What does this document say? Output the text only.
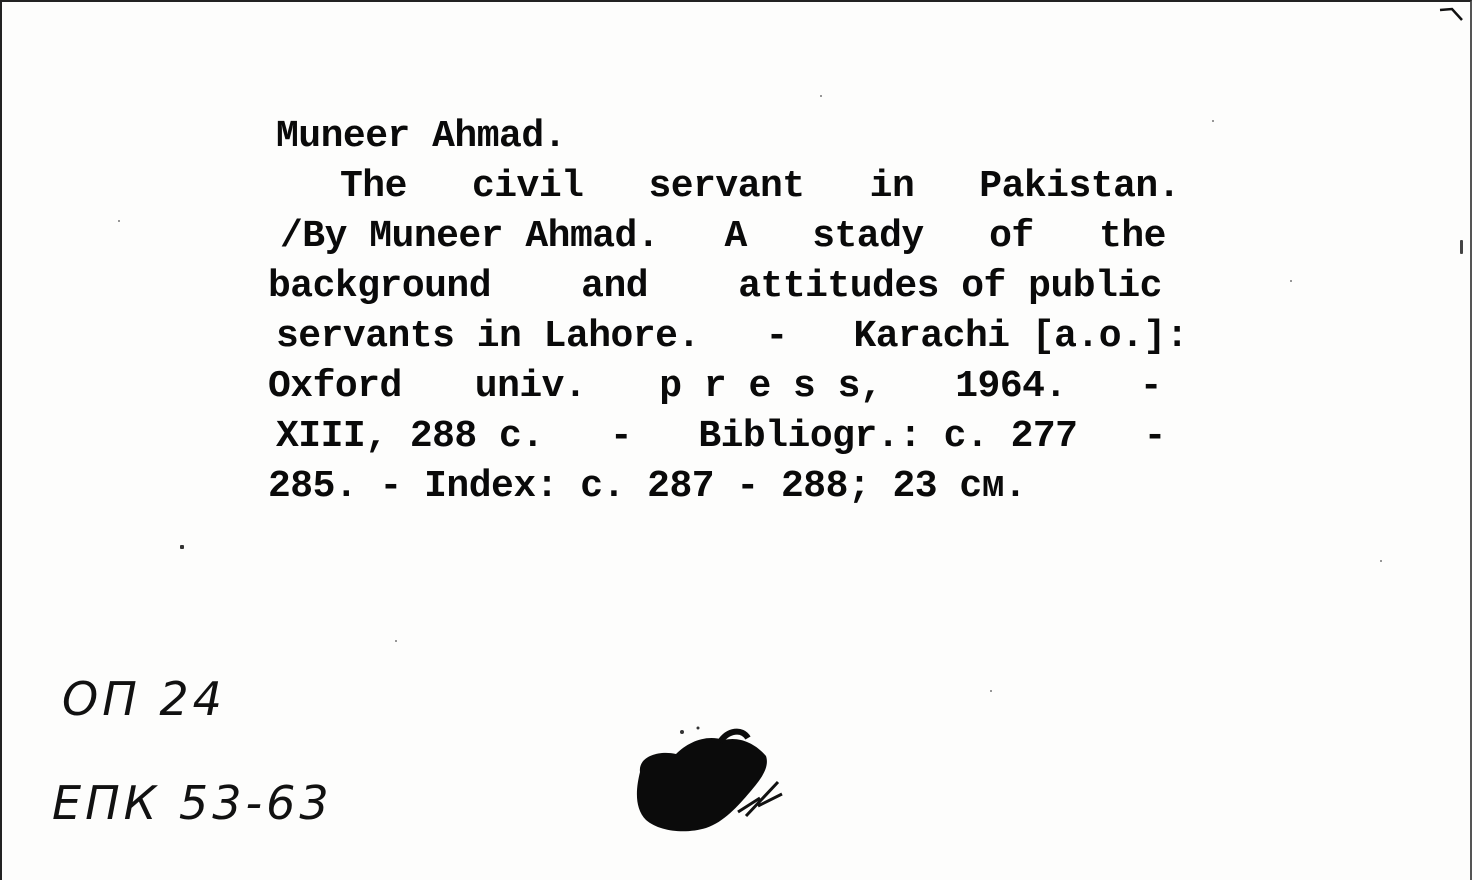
Muneer Ahmad.
The civil servant in Pakistan.
/By Muneer Ahmad. A stady of the
background and attitudes of public
servants in Lahore. - Karachi [a.o.]:
Oxford univ. p r e s s, 1964. -
XIII, 288 c. - Bibliogr.: c. 277 -
285. - Index: c. 287 - 288; 23 см.
ОП 24
ЕПК 53-63
